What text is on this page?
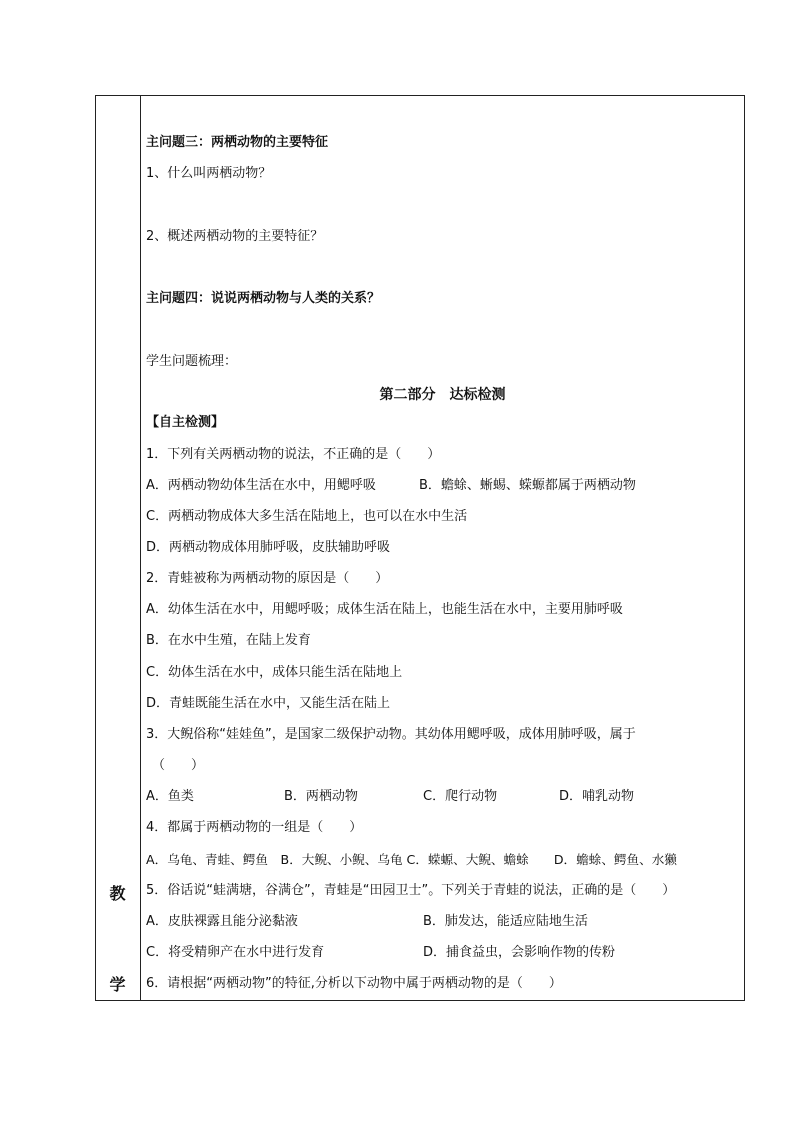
教
学
主问题三：两栖动物的主要特征
1、什么叫两栖动物？
2、概述两栖动物的主要特征？
主问题四：说说两栖动物与人类的关系？
学生问题梳理：
第二部分　达标检测
【自主检测】
1．下列有关两栖动物的说法，不正确的是（　　）
A．两栖动物幼体生活在水中，用鳃呼吸	B．蟾蜍、蜥蜴、蝾螈都属于两栖动物
C．两栖动物成体大多生活在陆地上，也可以在水中生活
D．两栖动物成体用肺呼吸，皮肤辅助呼吸
2．青蛙被称为两栖动物的原因是（　　）
A．幼体生活在水中，用鳃呼吸；成体生活在陆上，也能生活在水中，主要用肺呼吸
B．在水中生殖，在陆上发育
C．幼体生活在水中，成体只能生活在陆地上
D．青蛙既能生活在水中，又能生活在陆上
3．大鲵俗称“娃娃鱼”，是国家二级保护动物。其幼体用鳃呼吸，成体用肺呼吸，属于
（　　）
A．鱼类	B．两栖动物	C．爬行动物	D．哺乳动物
4．都属于两栖动物的一组是（　　）
A．乌龟、青蛙、鳄鱼　B．大鲵、小鲵、乌龟 C．蝾螈、大鲵、蟾蜍　　D．蟾蜍、鳄鱼、水獭
5．俗话说“蛙满塘，谷满仓”，青蛙是“田园卫士”。下列关于青蛙的说法，正确的是（　　）
A．皮肤裸露且能分泌黏液	B．肺发达，能适应陆地生活
C．将受精卵产在水中进行发育	D．捕食益虫，会影响作物的传粉
6．请根据“两栖动物”的特征,分析以下动物中属于两栖动物的是（　　）
